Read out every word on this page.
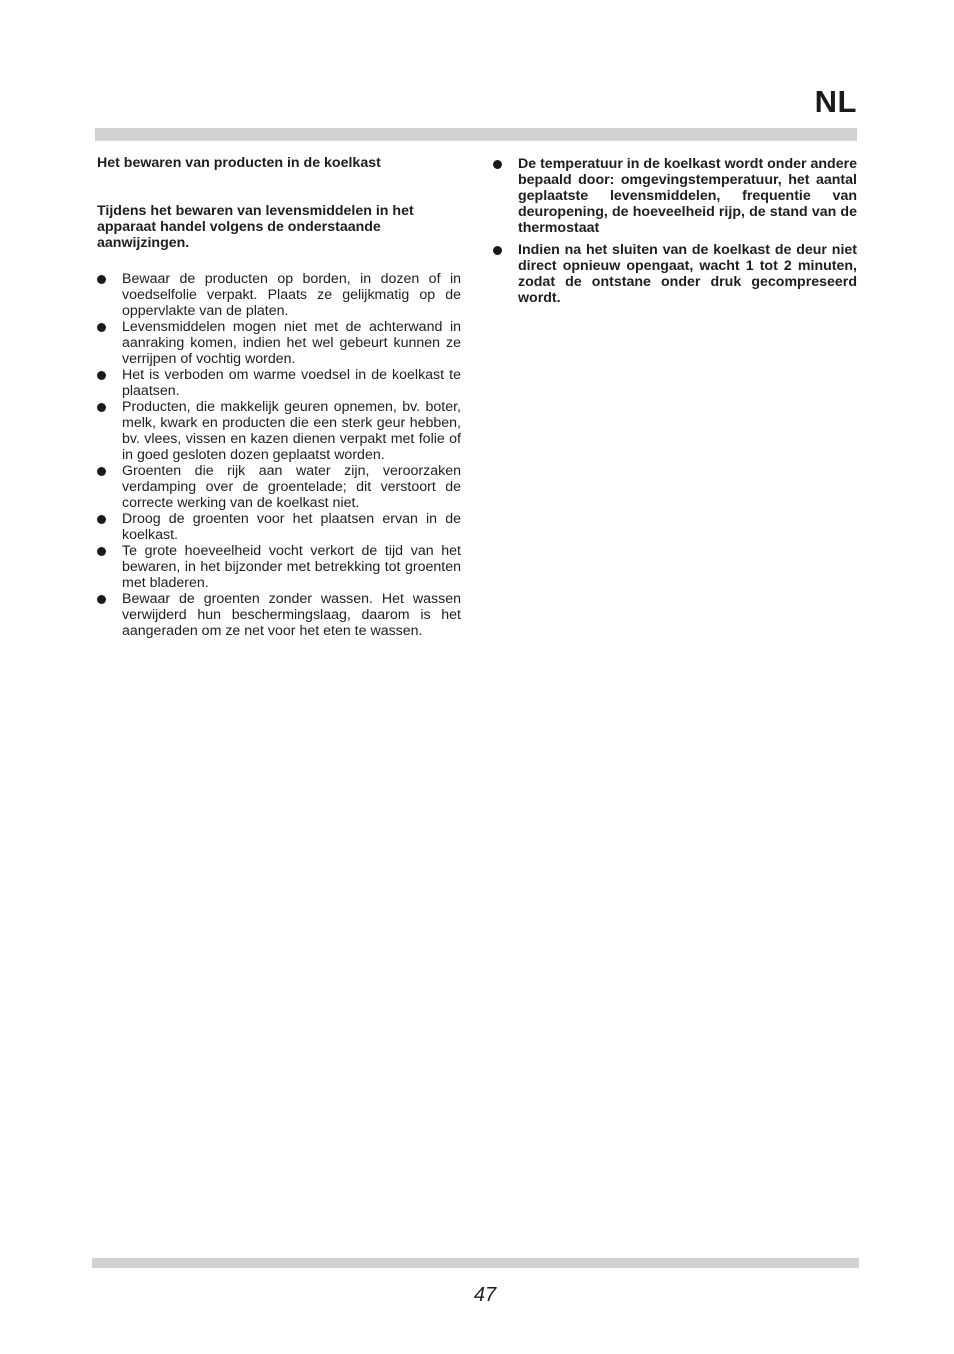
NL

Het bewaren van producten in de koelkast

Tijdens het bewaren van levensmiddelen in het apparaat handel volgens de onderstaande aanwijzingen.

Bewaar de producten op borden, in dozen of in voedselfolie verpakt. Plaats ze gelijkmatig op de oppervlakte van de platen.
Levensmiddelen mogen niet met de achterwand in aanraking komen, indien het wel gebeurt kunnen ze verrijpen of vochtig worden.
Het is verboden om warme voedsel in de koelkast te plaatsen.
Producten, die makkelijk geuren opnemen, bv. boter, melk, kwark en producten die een sterk geur hebben, bv. vlees, vissen en kazen dienen verpakt met folie of in goed gesloten dozen geplaatst worden.
Groenten die rijk aan water zijn, veroorzaken verdamping over de groentelade; dit verstoort de correcte werking van de koelkast niet.
Droog de groenten voor het plaatsen ervan in de koelkast.
Te grote hoeveelheid vocht verkort de tijd van het bewaren, in het bijzonder met betrekking tot groenten met bladeren.
Bewaar de groenten zonder wassen. Het wassen verwijderd hun beschermingslaag, daarom is het aangeraden om ze net voor het eten te wassen.
De temperatuur in de koelkast wordt onder andere bepaald door: omgevingstemperatuur, het aantal geplaatste levensmiddelen, frequentie van deuropening, de hoeveelheid rijp, de stand van de thermostaat
Indien na het sluiten van de koelkast de deur niet direct opnieuw opengaat, wacht 1 tot 2 minuten, zodat de ontstane onder druk gecompreseerd wordt.
47
